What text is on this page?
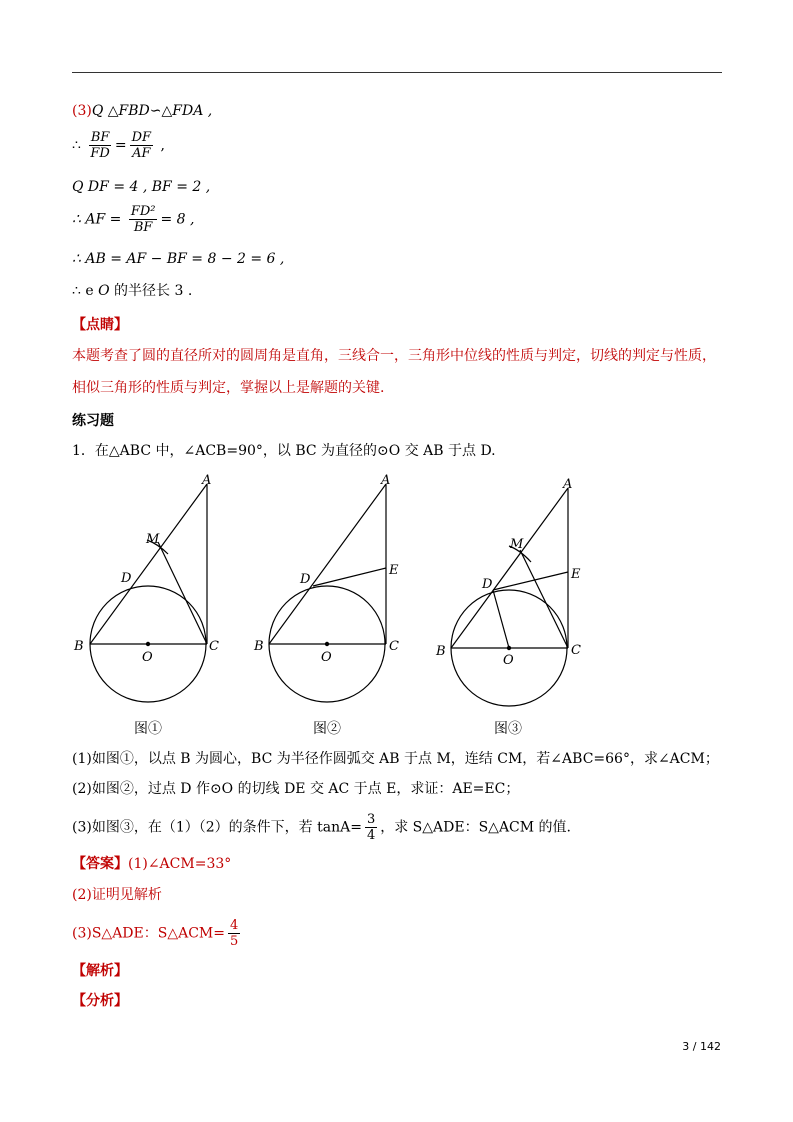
(3)Q △FBD∽△FDA ,
∴ $\frac{BF}{FD} = \frac{DF}{AF}$ ,
Q DF = 4 , BF = 2 ,
∴ AF = $\frac{\text{FD²}}{BF} = 8$ ,
∴ AB = AF − BF = 8 − 2 = 6 ,
∴ e O 的半径长 3 .
【点睛】
本题考查了圆的直径所对的圆周角是直角，三线合一，三角形中位线的性质与判定，切线的判定与性质，
相似三角形的性质与判定，掌握以上是解题的关键.
练习题
1．在△ABC 中，∠ACB=90°，以 BC 为直径的⊙O 交 AB 于点 D.
A
M
D
B	C
O
A
D
E
B	C
O
A
M
D
E
B	C
O
图①	图②	图③
(1)如图①，以点 B 为圆心，BC 为半径作圆弧交 AB 于点 M，连结 CM，若∠ABC=66°，求∠ACM；
(2)如图②，过点 D 作⊙O 的切线 DE 交 AC 于点 E，求证：AE=EC；
(3)如图③，在（1）（2）的条件下，若 $\tan A= \frac{3}{4}$ ，求 S△ADE：S△ACM 的值.
【答案】(1)∠ACM=33°
(2)证明见解析
(3)S△ADE：S△ACM= $\frac{4}{5}$
【解析】
【分析】
3 / 142
